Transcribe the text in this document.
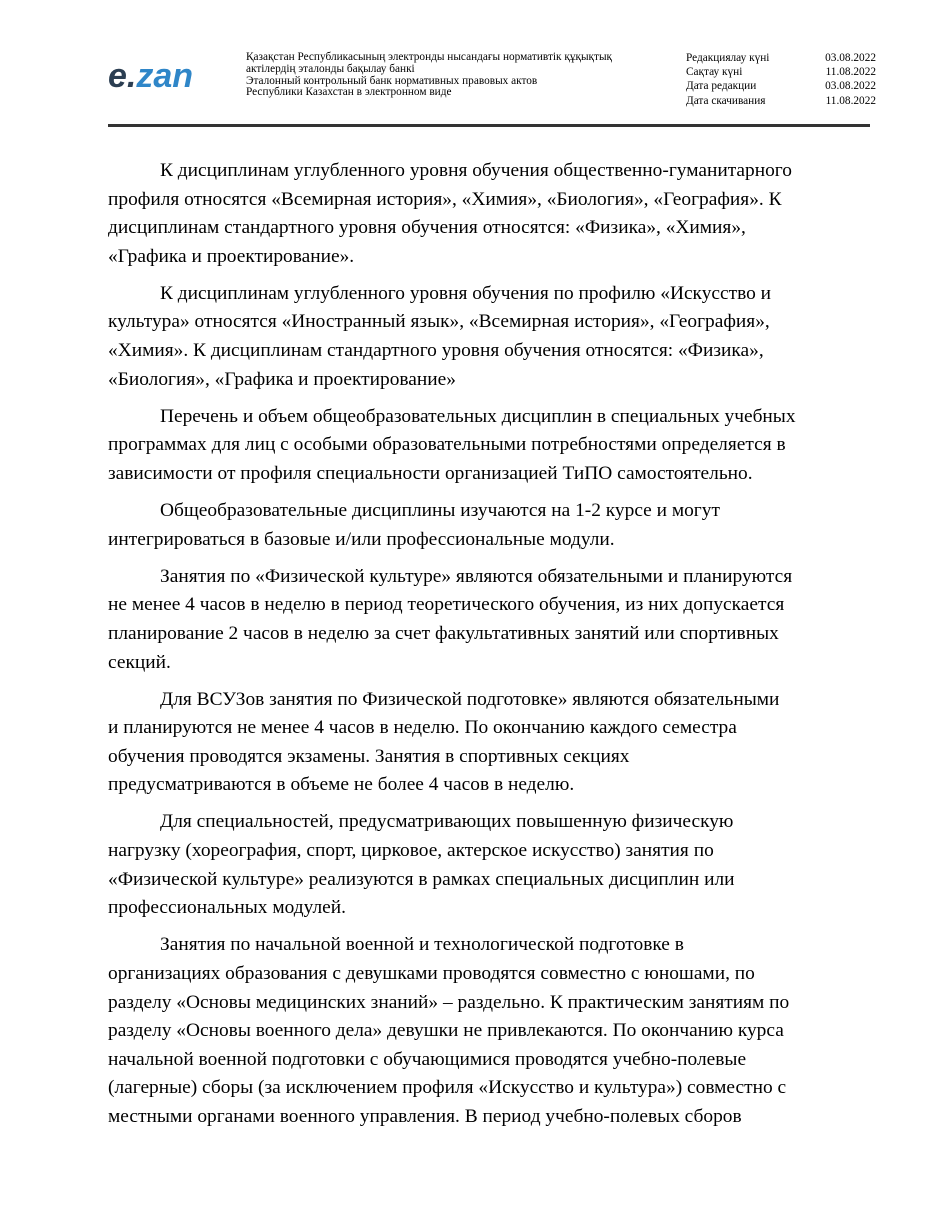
e.zan	Қазақстан Республикасының электронды нысандағы нормативтік құқықтық
актілердің эталонды бақылау банкі
Эталонный контрольный банк нормативных правовых актов
Республики Казахстан в электронном виде
Редакциялау күні	03.08.2022
Сақтау күні	11.08.2022
Дата редакции	03.08.2022
Дата скачивания	11.08.2022

К дисциплинам углубленного уровня обучения общественно-гуманитарного
профиля относятся «Всемирная история», «Химия», «Биология», «География». К
дисциплинам стандартного уровня обучения относятся: «Физика», «Химия»,
«Графика и проектирование».

К дисциплинам углубленного уровня обучения по профилю «Искусство и
культура» относятся «Иностранный язык», «Всемирная история», «География»,
«Химия». К дисциплинам стандартного уровня обучения относятся: «Физика»,
«Биология», «Графика и проектирование»

Перечень и объем общеобразовательных дисциплин в специальных учебных
программах для лиц с особыми образовательными потребностями определяется в
зависимости от профиля специальности организацией ТиПО самостоятельно.

Общеобразовательные дисциплины изучаются на 1-2 курсе и могут
интегрироваться в базовые и/или профессиональные модули.

Занятия по «Физической культуре» являются обязательными и планируются
не менее 4 часов в неделю в период теоретического обучения, из них допускается
планирование 2 часов в неделю за счет факультативных занятий или спортивных
секций.

Для ВСУЗов занятия по Физической подготовке» являются обязательными
и планируются не менее 4 часов в неделю. По окончанию каждого семестра
обучения проводятся экзамены. Занятия в спортивных секциях
предусматриваются в объеме не более 4 часов в неделю.

Для специальностей, предусматривающих повышенную физическую
нагрузку (хореография, спорт, цирковое, актерское искусство) занятия по
«Физической культуре» реализуются в рамках специальных дисциплин или
профессиональных модулей.

Занятия по начальной военной и технологической подготовке в
организациях образования с девушками проводятся совместно с юношами, по
разделу «Основы медицинских знаний» – раздельно. К практическим занятиям по
разделу «Основы военного дела» девушки не привлекаются. По окончанию курса
начальной военной подготовки с обучающимися проводятся учебно-полевые
(лагерные) сборы (за исключением профиля «Искусство и культура») совместно с
местными органами военного управления. В период учебно-полевых сборов
